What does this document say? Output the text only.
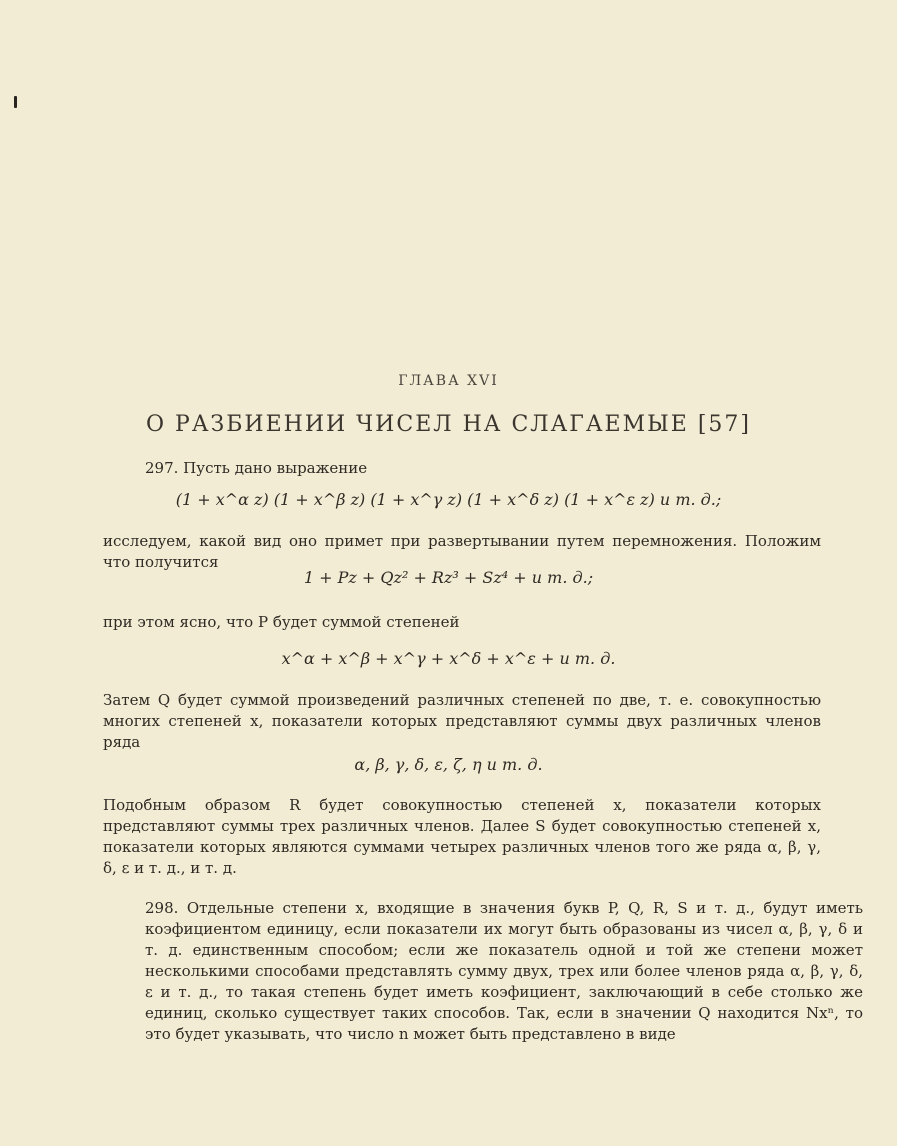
ГЛАВА XVI
О РАЗБИЕНИИ ЧИСЕЛ НА СЛАГАЕМЫЕ [57]
297. Пусть дано выражение
(1 + x^α z) (1 + x^β z) (1 + x^γ z) (1 + x^δ z) (1 + x^ε z) и т. д.;
исследуем, какой вид оно примет при развертывании путем перемножения. Положим что получится
1 + Pz + Qz² + Rz³ + Sz⁴ + и т. д.;
при этом ясно, что P будет суммой степеней
x^α + x^β + x^γ + x^δ + x^ε + и т. д.
Затем Q будет суммой произведений различных степеней по две, т. е. совокупностью многих степеней x, показатели которых представляют суммы двух различных членов ряда
α, β, γ, δ, ε, ζ, η и т. д.
Подобным образом R будет совокупностью степеней x, показатели которых представляют суммы трех различных членов. Далее S будет совокупностью степеней x, показатели которых являются суммами четырех различных членов того же ряда α, β, γ, δ, ε и т. д., и т. д.
298. Отдельные степени x, входящие в значения букв P, Q, R, S и т. д., будут иметь коэфициентом единицу, если показатели их могут быть образованы из чисел α, β, γ, δ и т. д. единственным способом; если же показатель одной и той же степени может несколькими способами представлять сумму двух, трех или более членов ряда α, β, γ, δ, ε и т. д., то такая степень будет иметь коэфициент, заключающий в себе столько же единиц, сколько существует таких способов. Так, если в значении Q находится Nxⁿ, то это будет указывать, что число n может быть представлено в виде
